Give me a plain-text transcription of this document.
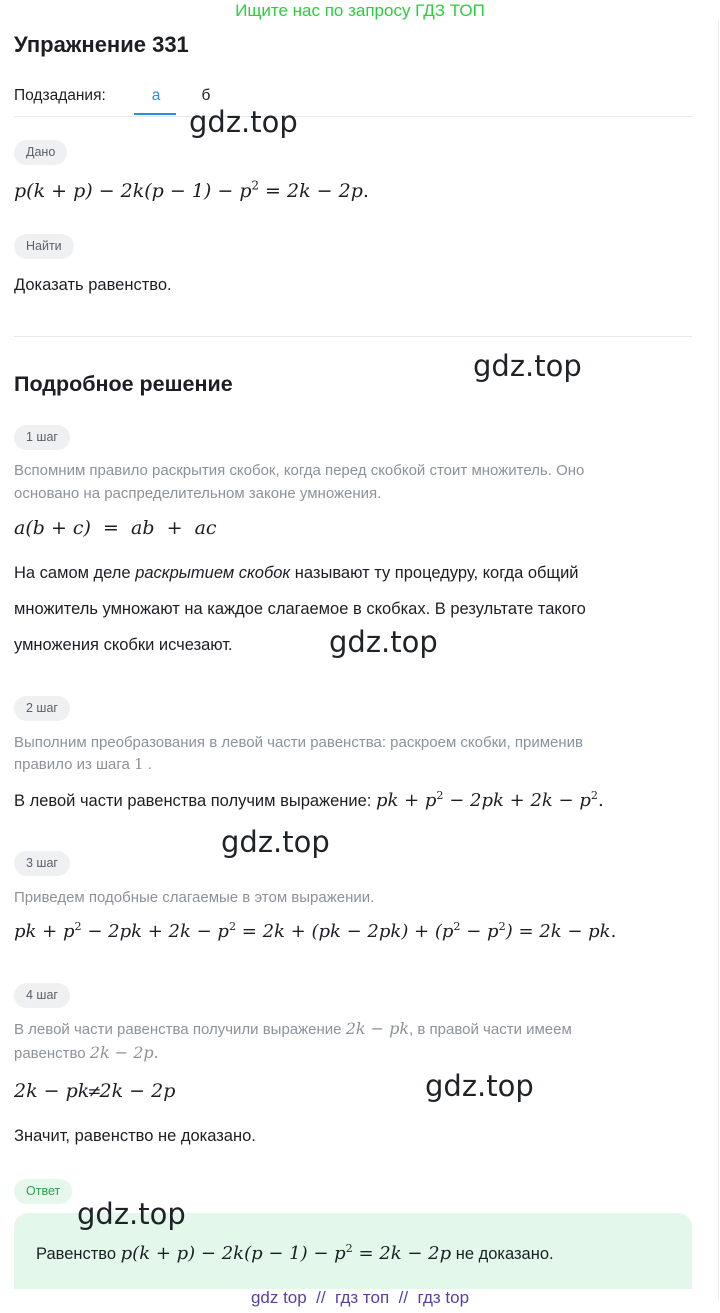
Ищите нас по запросу ГДЗ ТОП
Упражнение 331
Подзадания:	а	б
Дано
$p(k + p) - 2k(p - 1) - p^2 = 2k - 2p$.
Найти
Доказать равенство.
Подробное решение
1 шаг
Вспомним правило раскрытия скобок, когда перед скобкой стоит множитель. Оно
основано на распределительном законе умножения.
a(b + c)  =  ab  +  ac
На самом деле раскрытием скобок называют ту процедуру, когда общий
множитель умножают на каждое слагаемое в скобках. В результате такого
умножения скобки исчезают.
2 шаг
Выполним преобразования в левой части равенства: раскроем скобки, применив
правило из шага 1 .
В левой части равенства получим выражение: pk + $p^2 - 2pk + 2k - p^2$.
3 шаг
Приведем подобные слагаемые в этом выражении.
pk + $p^2 - 2pk + 2k - p^2 = 2k + (pk - 2pk) + (p^2 - p^2) = 2k$ − pk.
4 шаг
В левой части равенства получили выражение 2k − pk, в правой части имеем
равенство 2k − 2p.
2k − pk≠2k − 2p
Значит, равенство не доказано.
Ответ
Равенство $p(k + p) - 2k(p - 1) - p^2 = 2k - 2p$ не доказано.
gdz.top
gdz.top
gdz.top
gdz.top
gdz.top
gdz.top
gdz top  //  гдз топ  //  гдз top
